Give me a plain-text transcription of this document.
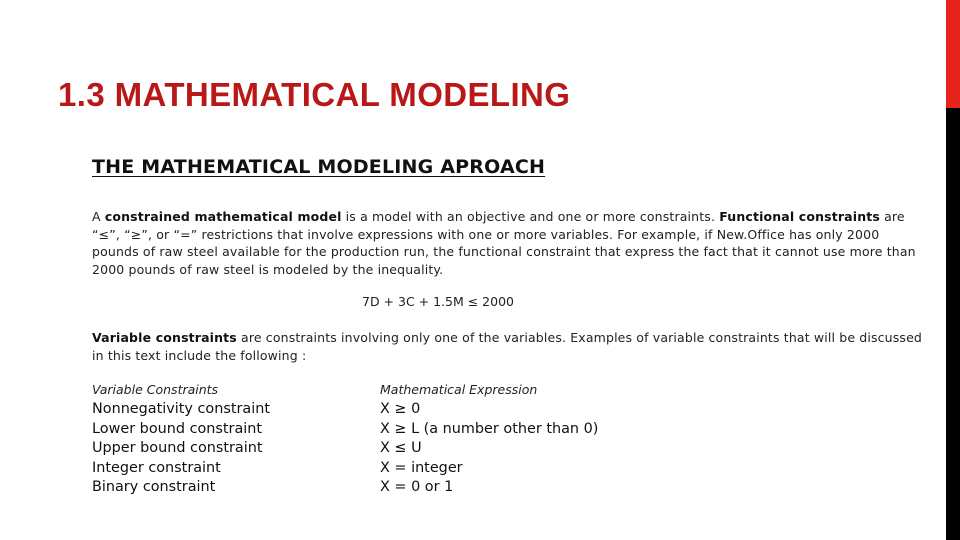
1.3 MATHEMATICAL MODELING
THE MATHEMATICAL MODELING APROACH

A constrained mathematical model is a model with an objective and one or more constraints. Functional constraints are “≤”, “≥”, or “=” restrictions that involve expressions with one or more variables. For example, if New.Office has only 2000 pounds of raw steel available for the production run, the functional constraint that express the fact that it cannot use more than 2000 pounds of raw steel is modeled by the inequality.

7D + 3C + 1.5M ≤ 2000

Variable constraints are constraints involving only one of the variables. Examples of variable constraints that will be discussed in this text include the following :

Variable Constraints
Nonnegativity constraint
Lower bound constraint
Upper bound constraint
Integer constraint
Binary constraint
Mathematical Expression
X ≥ 0
X ≥ L (a number other than 0)
X ≤ U
X = integer
X = 0 or 1
